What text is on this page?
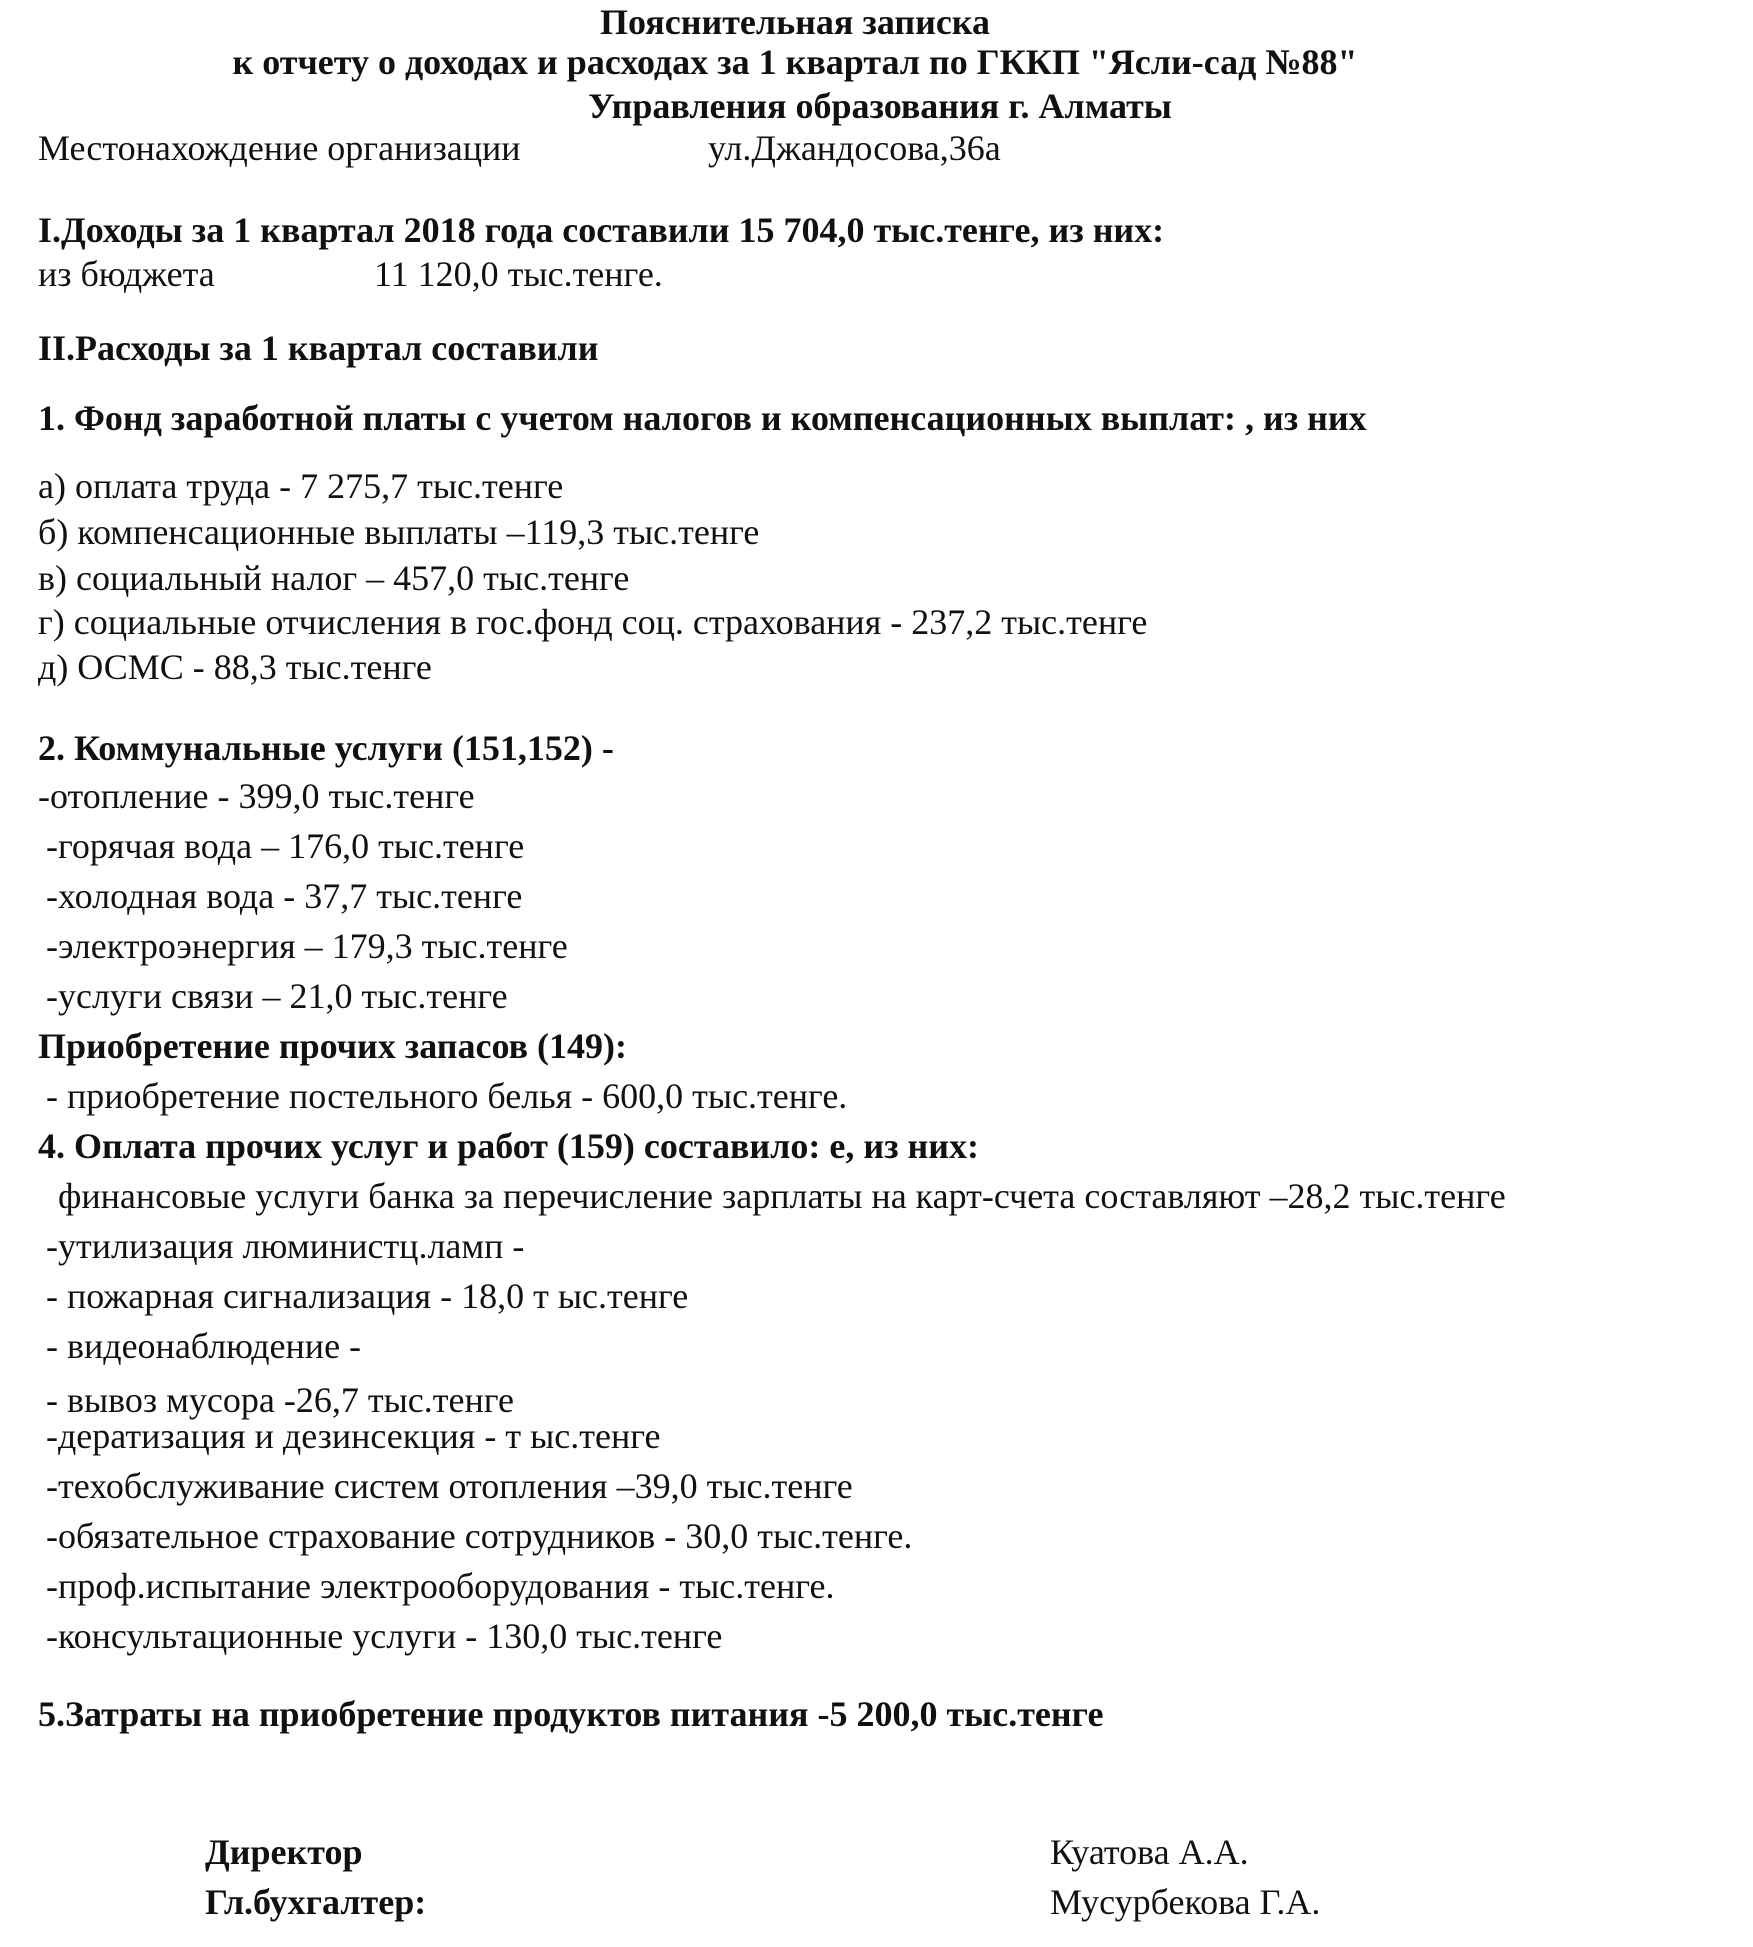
Пояснительная записка
к отчету о доходах и расходах за 1 квартал по ГККП "Ясли-сад №88"
Управления образования г. Алматы
Местонахождение организации	ул.Джандосова,36а
I.Доходы за 1 квартал 2018 года составили 15 704,0 тыс.тенге, из них:
из бюджета	11 120,0 тыс.тенге.
II.Расходы за 1 квартал составили
1. Фонд заработной платы с учетом налогов и компенсационных выплат: , из них
а) оплата труда - 7 275,7 тыс.тенге
б) компенсационные выплаты –119,3 тыс.тенге
в) социальный налог – 457,0 тыс.тенге
г) социальные отчисления в гос.фонд соц. страхования - 237,2 тыс.тенге
д) ОСМС - 88,3 тыс.тенге
2. Коммунальные услуги (151,152) -
-отопление - 399,0 тыс.тенге
-горячая вода – 176,0 тыс.тенге
-холодная вода - 37,7 тыс.тенге
-электроэнергия – 179,3 тыс.тенге
-услуги связи – 21,0 тыс.тенге
Приобретение прочих запасов (149):
- приобретение постельного белья - 600,0 тыс.тенге.
4. Оплата прочих услуг и работ (159) составило: е, из них:
финансовые услуги банка за перечисление зарплаты на карт-счета составляют –28,2 тыс.тенге
-утилизация люминистц.ламп -
- пожарная сигнализация - 18,0 т ыс.тенге
- видеонаблюдение -
- вывоз мусора -26,7 тыс.тенге
-дератизация и дезинсекция - т ыс.тенге
-техобслуживание систем отопления –39,0 тыс.тенге
-обязательное страхование сотрудников - 30,0 тыс.тенге.
-проф.испытание электрооборудования - тыс.тенге.
-консультационные услуги - 130,0 тыс.тенге
5.Затраты на приобретение продуктов питания -5 200,0 тыс.тенге
Директор	Куатова А.А.
Гл.бухгалтер:	Мусурбекова Г.А.
